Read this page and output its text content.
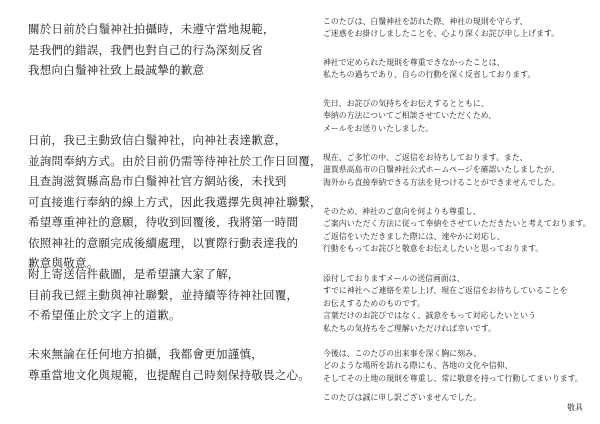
關於日前於白鬚神社拍攝時，未遵守當地規範，
是我們的錯誤，我們也對自己的行為深刻反省
我想向白鬚神社致上最誠摯的歉意
日前，我已主動致信白鬚神社，向神社表達歉意，
並詢問奉納方式。由於目前仍需等待神社於工作日回覆，
且查詢滋賀縣高島市白鬚神社官方網站後，未找到
可直接進行奉納的線上方式，因此我選擇先與神社聯繫，
希望尊重神社的意願，待收到回覆後，我將第一時間
依照神社的意願完成後續處理，以實際行動表達我的
歉意與敬意。
附上寄送信件截圖，是希望讓大家了解，
目前我已經主動與神社聯繫，並持續等待神社回覆，
不希望僅止於文字上的道歉。
未來無論在任何地方拍攝，我都會更加謹慎，
尊重當地文化與規範，也提醒自己時刻保持敬畏之心。
このたびは、白鬚神社を訪れた際、神社の規則を守らず、
ご迷惑をお掛けしましたことを、心より深くお詫び申し上げます。
神社で定められた規則を尊重できなかったことは、
私たちの過ちであり、自らの行動を深く反省しております。
先日、お詫びの気持ちをお伝えするとともに、
奉納の方法についてご相談させていただくため、
メールをお送りいたしました。
現在、ご多忙の中、ご返信をお待ちしております。また、
滋賀県高島市の白鬚神社公式ホームページを確認いたしましたが、
海外から直接奉納できる方法を見つけることができませんでした。
そのため、神社のご意向を何よりも尊重し、
ご案内いただく方法に従って奉納をさせていただきたいと考えております。
ご返信をいただきました際には、速やかに対応し、
行動をもってお詫びと敬意をお伝えしたいと思っております。
添付しておりますメールの送信画面は、
すでに神社へご連絡を差し上げ、現在ご返信をお待ちしていることを
お伝えするためのものです。
言葉だけのお詫びではなく、誠意をもって対応したいという
私たちの気持ちをご理解いただければ幸いです。
今後は、このたびの出来事を深く胸に刻み、
どのような場所を訪れる際にも、各地の文化や信仰、
そしてその土地の規則を尊重し、常に敬意を持って行動してまいります。
このたびは誠に申し訳ございませんでした。
敬具
